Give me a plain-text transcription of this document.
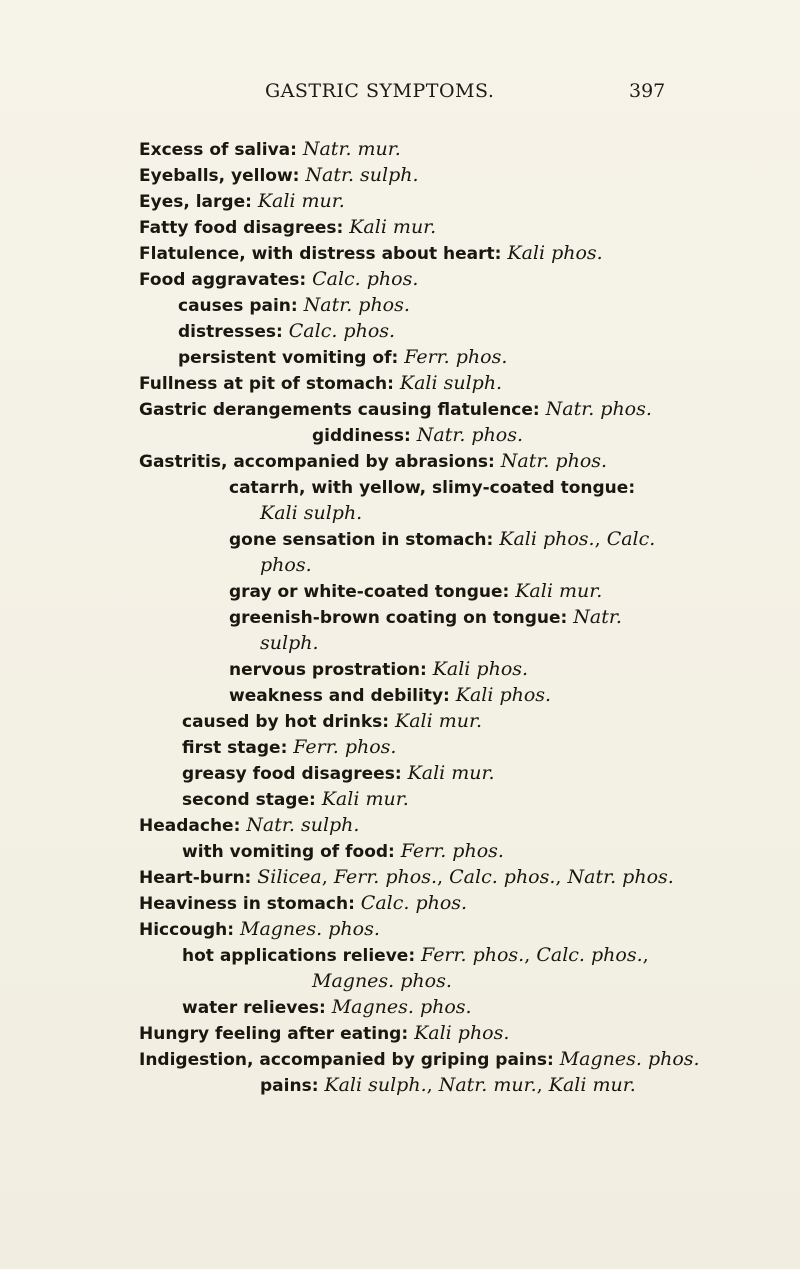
GASTRIC SYMPTOMS.	397
Excess of saliva: Natr. mur.
Eyeballs, yellow: Natr. sulph.
Eyes, large: Kali mur.
Fatty food disagrees: Kali mur.
Flatulence, with distress about heart: Kali phos.
Food aggravates: Calc. phos.
causes pain: Natr. phos.
distresses: Calc. phos.
persistent vomiting of: Ferr. phos.
Fullness at pit of stomach: Kali sulph.
Gastric derangements causing flatulence: Natr. phos.
giddiness: Natr. phos.
Gastritis, accompanied by abrasions: Natr. phos.
catarrh, with yellow, slimy-coated tongue:
Kali sulph.
gone sensation in stomach: Kali phos., Calc.
phos.
gray or white-coated tongue: Kali mur.
greenish-brown coating on tongue: Natr.
sulph.
nervous prostration: Kali phos.
weakness and debility: Kali phos.
caused by hot drinks: Kali mur.
first stage: Ferr. phos.
greasy food disagrees: Kali mur.
second stage: Kali mur.
Headache: Natr. sulph.
with vomiting of food: Ferr. phos.
Heart-burn: Silicea, Ferr. phos., Calc. phos., Natr. phos.
Heaviness in stomach: Calc. phos.
Hiccough: Magnes. phos.
hot applications relieve: Ferr. phos., Calc. phos.,
Magnes. phos.
water relieves: Magnes. phos.
Hungry feeling after eating: Kali phos.
Indigestion, accompanied by griping pains: Magnes. phos.
pains: Kali sulph., Natr. mur., Kali mur.
